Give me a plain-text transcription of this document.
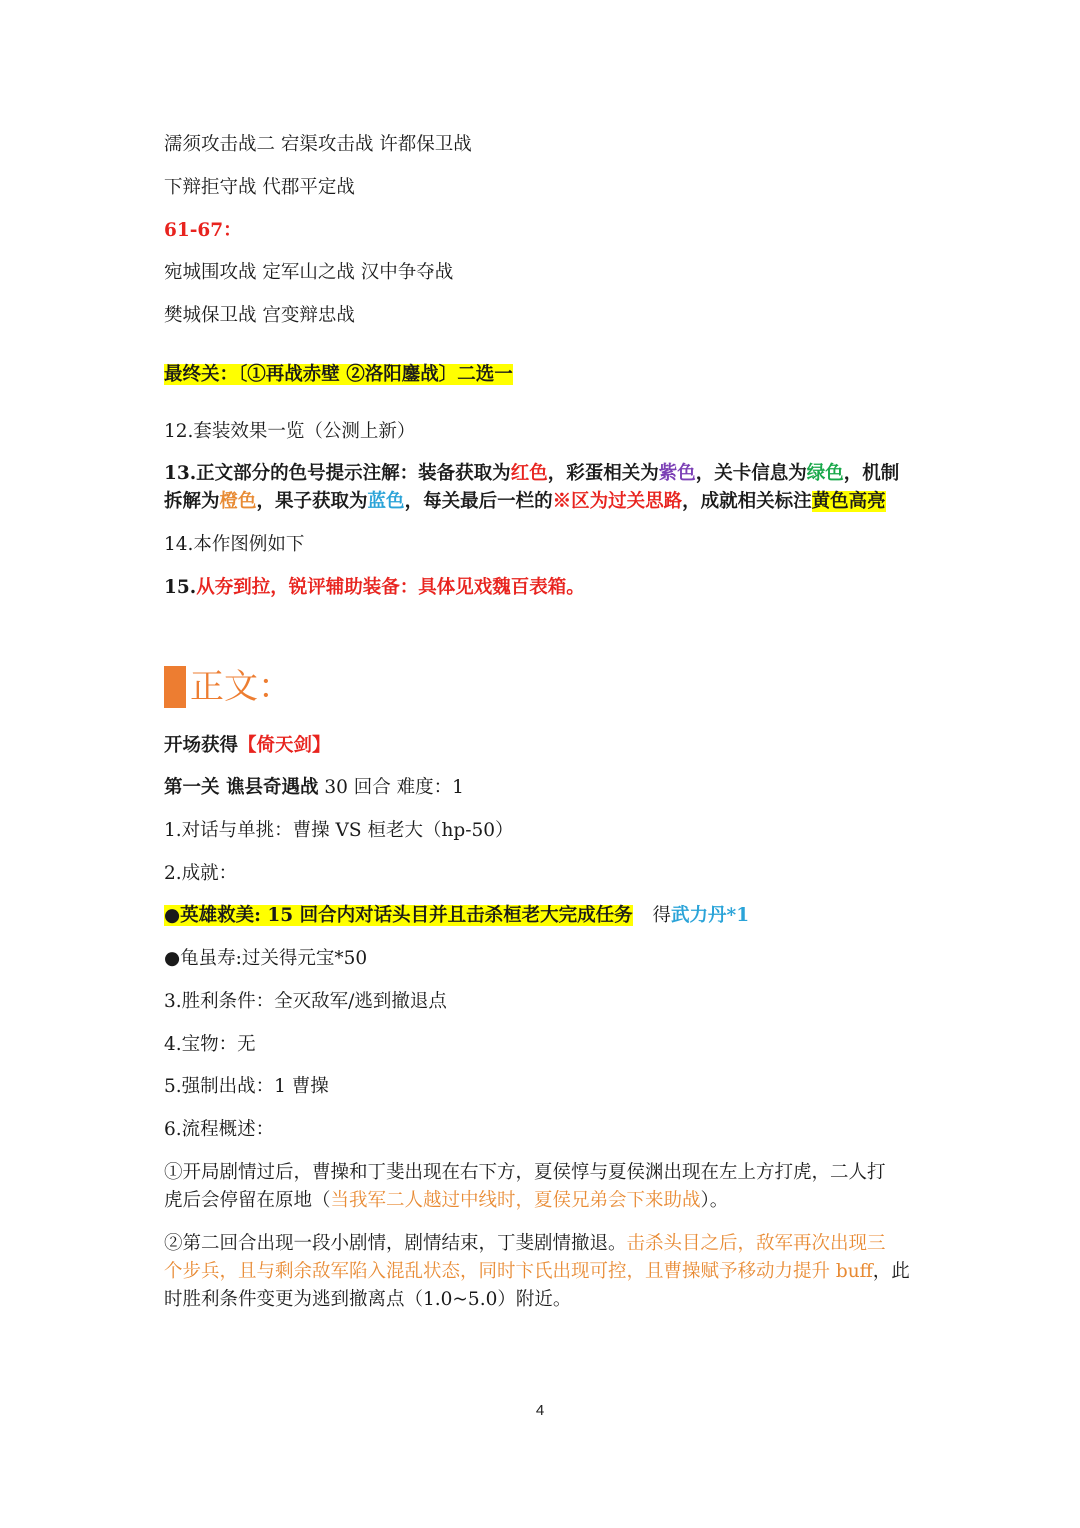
濡须攻击战二 宕渠攻击战 许都保卫战
下辩拒守战 代郡平定战
61-67：
宛城围攻战 定军山之战 汉中争夺战
樊城保卫战 宫变辩忠战
最终关：〔①再战赤壁 ②洛阳鏖战〕二选一
12.套装效果一览（公测上新）
13.正文部分的色号提示注解：装备获取为红色，彩蛋相关为紫色，关卡信息为绿色，机制
拆解为橙色，果子获取为蓝色，每关最后一栏的※区为过关思路，成就相关标注黄色高亮
14.本作图例如下
15.从夯到拉，锐评辅助装备：具体见戏魏百表箱。
正文：
开场获得【倚天剑】
第一关 谯县奇遇战 30 回合 难度：1
1.对话与单挑：曹操 VS 桓老大（hp-50）
2.成就：
●英雄救美: 15 回合内对话头目并且击杀桓老大完成任务 得武力丹*1
●龟虽寿:过关得元宝*50
3.胜利条件：全灭敌军/逃到撤退点
4.宝物：无
5.强制出战：1 曹操
6.流程概述：
①开局剧情过后，曹操和丁斐出现在右下方，夏侯惇与夏侯渊出现在左上方打虎，二人打
虎后会停留在原地（当我军二人越过中线时，夏侯兄弟会下来助战）。
②第二回合出现一段小剧情，剧情结束，丁斐剧情撤退。击杀头目之后，敌军再次出现三
个步兵，且与剩余敌军陷入混乱状态，同时卞氏出现可控，且曹操赋予移动力提升 buff，此
时胜利条件变更为逃到撤离点（1.0~5.0）附近。
4
